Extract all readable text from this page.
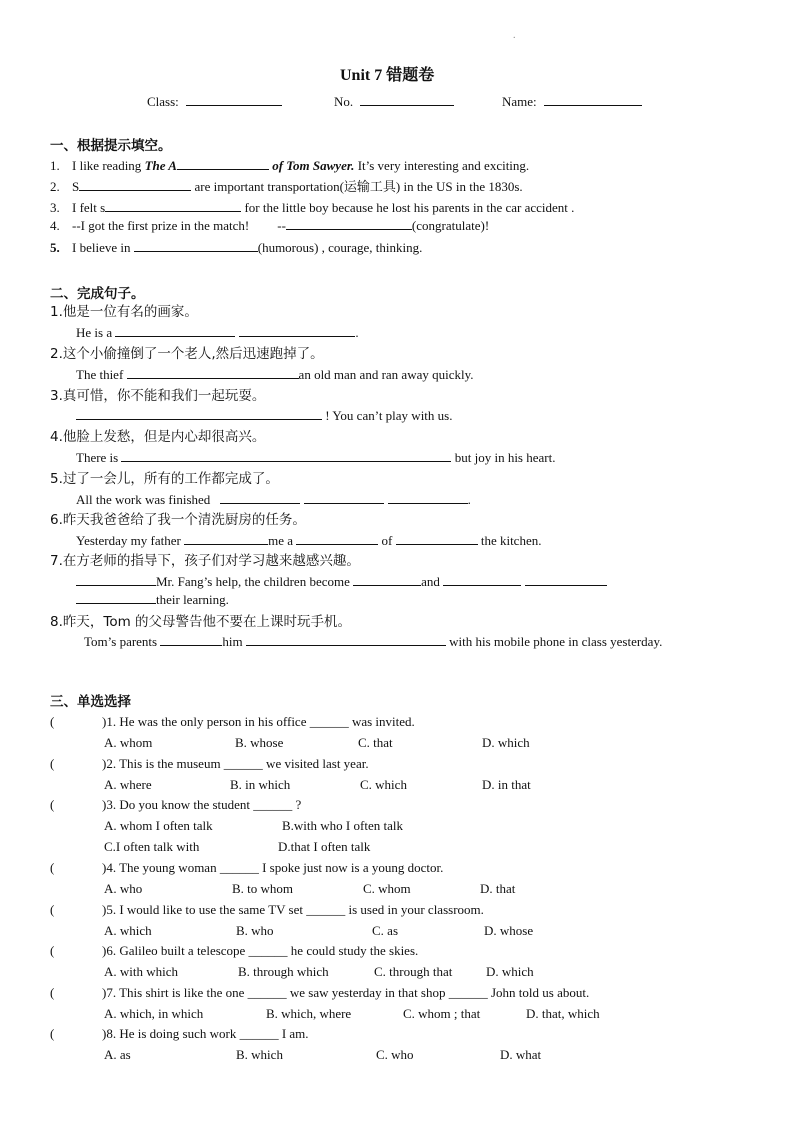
.
Unit 7 错题卷
Class:	No.	Name:
一、根据提示填空。
1. I like reading The A	of Tom Sawyer. It’s very interesting and exciting.
2. S	are important transportation(运输工具) in the US in the 1830s.
3. I felt s	for the little boy because he lost his parents in the car accident .
4. --I got the first prize in the match! --	(congratulate)!
5. I believe in	(humorous) , courage, thinking.
二、完成句子。
1.他是一位有名的画家。
He is a	.
2.这个小偷撞倒了一个老人,然后迅速跑掉了。
The thief	an old man and ran away quickly.
3.真可惜，你不能和我们一起玩耍。
! You can’t play with us.
4.他脸上发愁，但是内心却很高兴。
There is	but joy in his heart.
5.过了一会儿，所有的工作都完成了。
All the work was finished	.
6.昨天我爸爸给了我一个清洗厨房的任务。
Yesterday my father	me a	of	the kitchen.
7.在方老师的指导下，孩子们对学习越来越感兴趣。
Mr. Fang’s help, the children become	and
their learning.
8.昨天，Tom 的父母警告他不要在上课时玩手机。
Tom’s parents	him	with his mobile phone in class yesterday.
三、单选选择
(	)1. He was the only person in his office ______ was invited.
A. whom	B. whose	C. that	D. which
(	)2. This is the museum ______ we visited last year.
A. where	B. in which	C. which	D. in that
(	)3. Do you know the student ______ ?
A. whom I often talk	B.with who I often talk
C.I often talk with	D.that I often talk
(	)4. The young woman ______ I spoke just now is a young doctor.
A. who	B. to whom	C. whom	D. that
(	)5. I would like to use the same TV set ______ is used in your classroom.
A. which	B. who	C. as	D. whose
(	)6. Galileo built a telescope ______ he could study the skies.
A. with which	B. through which	C. through that	D. which
(	)7. This shirt is like the one ______ we saw yesterday in that shop ______ John told us about.
A. which, in which	B. which, where	C. whom ; that	D. that, which
(	)8. He is doing such work ______ I am.
A. as	B. which	C. who	D. what
